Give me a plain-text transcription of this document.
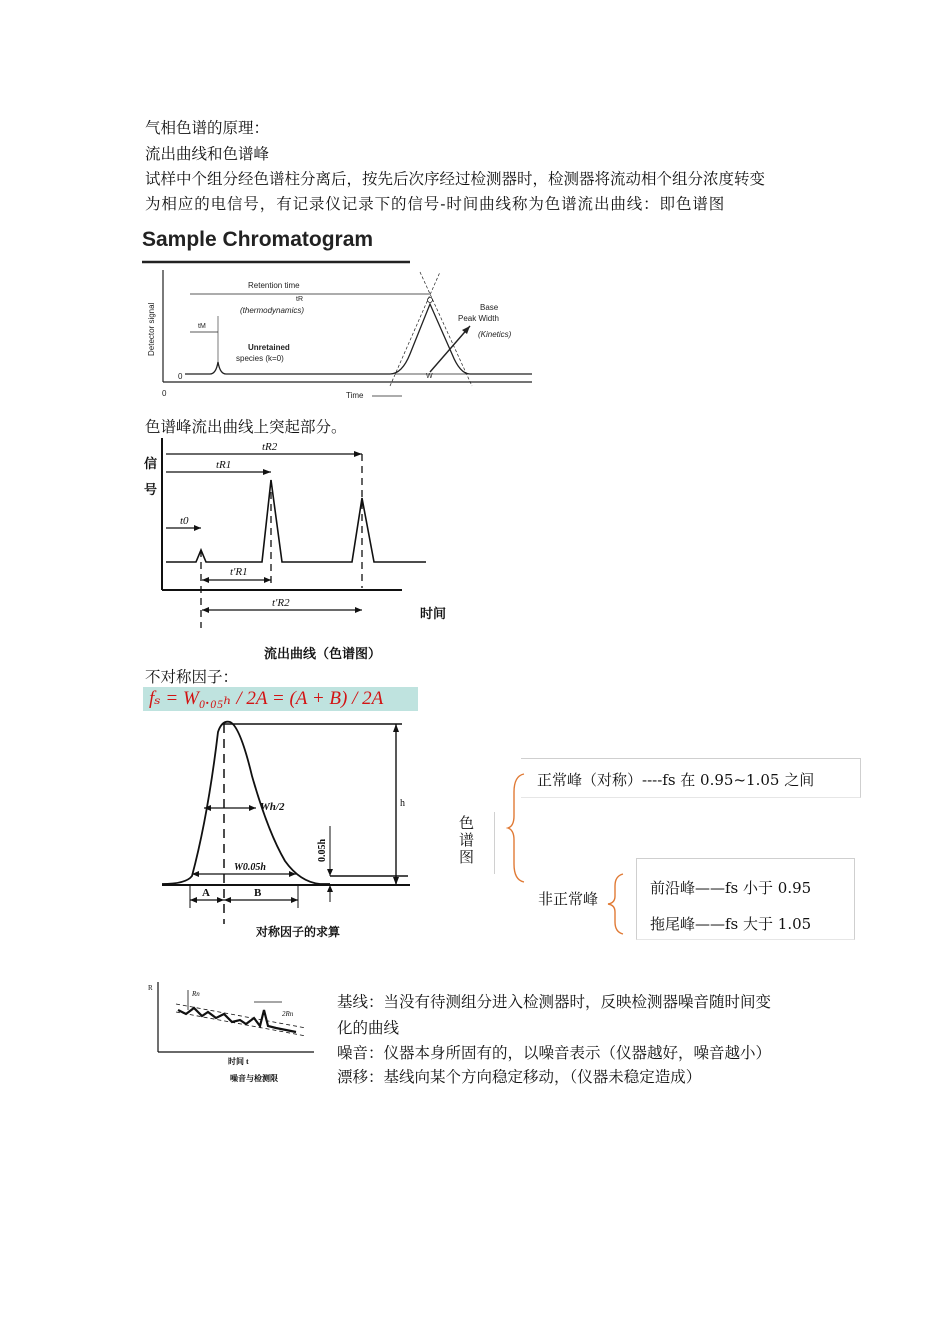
气相色谱的原理：
流出曲线和色谱峰
试样中个组分经色谱柱分离后，按先后次序经过检测器时，检测器将流动相个组分浓度转变
为相应的电信号，有记录仪记录下的信号-时间曲线称为色谱流出曲线：即色谱图
Sample Chromatogram
Detector signal
0
0	Time
Retention time
tR
(thermodynamics)
tM
Unretained
species (k=0)
W
Base
Peak Width
(Kinetics)
色谱峰流出曲线上突起部分。
信
号
tR2
tR1
t0
t'R1
t'R2
时间
流出曲线（色谱图）
不对称因子：
fₛ = W₀.₀₅ₕ / 2A = (A + B) / 2A
h
0.05h
Wh/2
W0.05h
A	B
对称因子的求算
色谱图
正常峰（对称）----fs 在 0.95~1.05 之间
非正常峰
前沿峰——fs 小于 0.95
拖尾峰——fs 大于 1.05
R
Rn
2Rn
时间 t
噪音与检测限
基线：当没有待测组分进入检测器时，反映检测器噪音随时间变
化的曲线
噪音：仪器本身所固有的，以噪音表示（仪器越好，噪音越小）
漂移：基线向某个方向稳定移动，（仪器未稳定造成）
